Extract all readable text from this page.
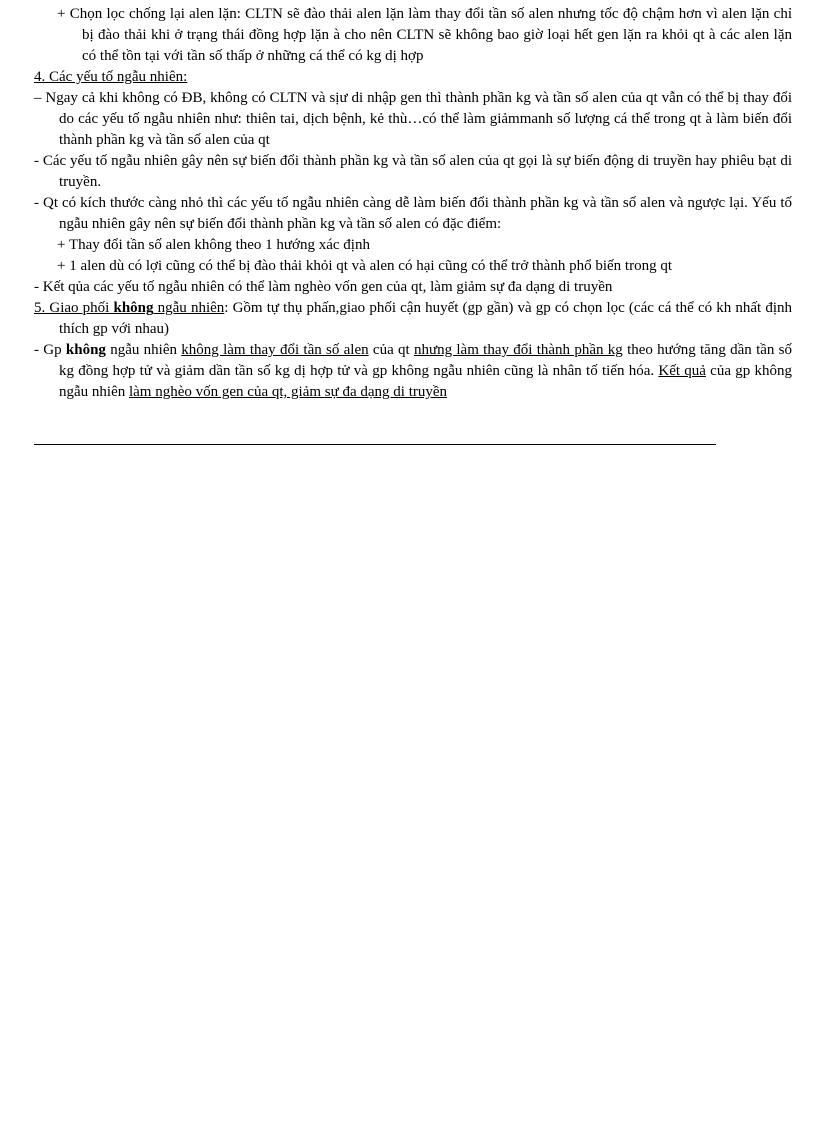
+ Chọn lọc chống lại alen lặn: CLTN sẽ đào thải alen lặn làm thay đổi tần số alen nhưng tốc độ chậm hơn vì alen lặn chỉ bị đào thải khi ở trạng thái đồng hợp lặn à cho nên CLTN sẽ không bao giờ loại hết gen lặn ra khỏi qt à các alen lặn có thể tồn tại với tần số thấp ở những cá thể có kg dị hợp

4. Các yếu tố ngẫu nhiên:

– Ngay cả khi không có ĐB, không có CLTN và sịư di nhập gen thì thành phần kg và tần số alen của qt vẫn có thể bị thay đổi do các yếu tố ngẫu nhiên như: thiên tai, dịch bệnh, kẻ thù…có thể làm giảmmanh số lượng cá thể trong qt à làm biến đổi thành phần kg và tần số alen của qt

- Các yếu tố ngẫu nhiên gây nên sự biến đổi thành phần kg và tần số alen của qt gọi là sự biến động di truyền hay phiêu bạt di truyền.

- Qt có kích thước càng nhỏ thì các yếu tố ngẫu nhiên càng dễ làm biến đổi thành phần kg và tần số alen và ngược lại. Yếu tố ngẫu nhiên gây nên sự biến đổi thành phần kg và tần số alen có đặc điểm:

+ Thay đổi tần số alen không theo 1 hướng xác định

+ 1 alen dù có lợi cũng có thể bị đào thải khỏi qt và alen có hại cũng có thể trở thành phổ biến trong qt

- Kết qủa các yếu tố ngẫu nhiên có thể làm nghèo vốn gen của qt, làm giảm sự đa dạng di truyền

5. Giao phối không ngẫu nhiên: Gồm tự thụ phấn,giao phối cận huyết (gp gần) và gp có chọn lọc (các cá thể có kh nhất định thích gp với nhau)

- Gp không ngẫu nhiên không làm thay đổi tần số alen của qt nhưng làm thay đổi thành phần kg theo hướng tăng dần tần số kg đồng hợp tử và giảm dần tần số kg dị hợp tử và gp không ngẫu nhiên cũng là nhân tố tiến hóa. Kết quả của gp không ngẫu nhiên làm nghèo vốn gen của qt, giảm sự đa dạng di truyền
